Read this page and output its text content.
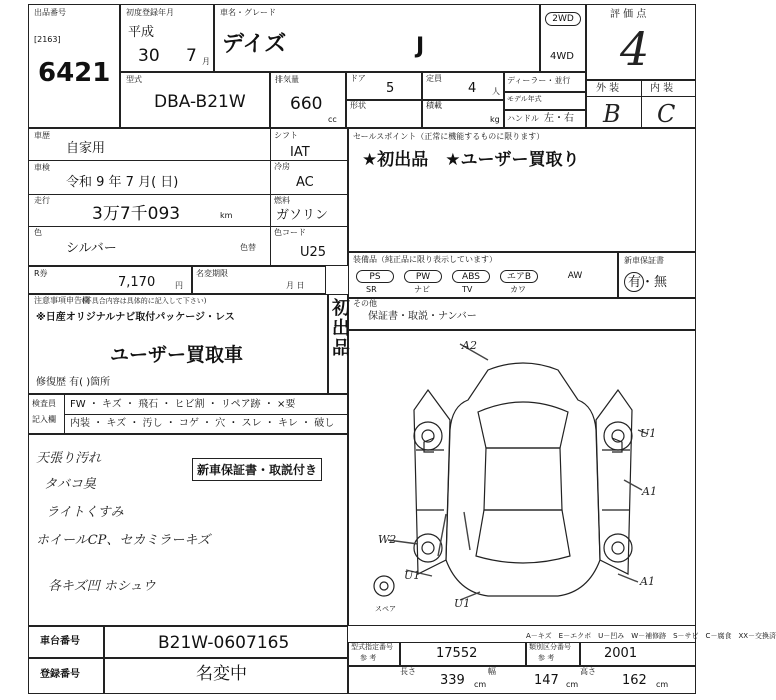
出品番号
[2163]
6421
初度登録年月
平成
30 7 月
車名・グレード
デイズ	J
2WD
4WD
評 価 点
4
外 装	内 装
B C
型式
DBA-B21W
排気量
660
cc
ドア
5
定員
4 人
形状	積載
kg
ディーラー・並行
モデル年式
ハンドル 左・右
車歴
自家用
車検
令和 9 年 7 月( 日)
走行
3万7千093	km
色
シルバー	色替
シフト
IAT
冷房
AC
燃料
ガソリン
色コード
U25
R券
7,170 円
名変期限
月 日
セールスポイント（正常に機能するものに限ります）
★初出品　★ユーザー買取り
装備品（純正品に限り表示しています）	新車保証書
有・無
注意事項申告欄
(不具合内容は具体的に記入して下さい)
※日産オリジナルナビ取付パッケージ・レス
ユーザー買取車
修復歴 有( )箇所
初出品 その他
保証書・取説・ナンバー
検査員
記入欄
FW ・ キズ ・ 飛石 ・ ヒビ割 ・ リペア跡 ・ ×要
内装 ・ キズ ・ 汚し ・ コゲ ・ 穴 ・ スレ ・ キレ ・ 破し
新車保証書・取説付き
スペア
A－キズ　E－エクボ　U－凹み　W－補修跡　S－サビ　C－腐食　XX－交換済
車台番号	B21W-0607165
登録番号	名変中
型式指定番号
参 考	17552	類別区分番号
参 考	2001
長さ
339 cm
幅
147 cm
高さ
162 cm
PS	PW	ABS	エアB	AW
SR	ナビ	TV	カワ
天張り汚れ
タバコ臭
ライトくすみ
ホイールCP、セカミラーキズ
各キズ凹 ホシュウ
A2
U1
A1
W2
U1	A1
U1
